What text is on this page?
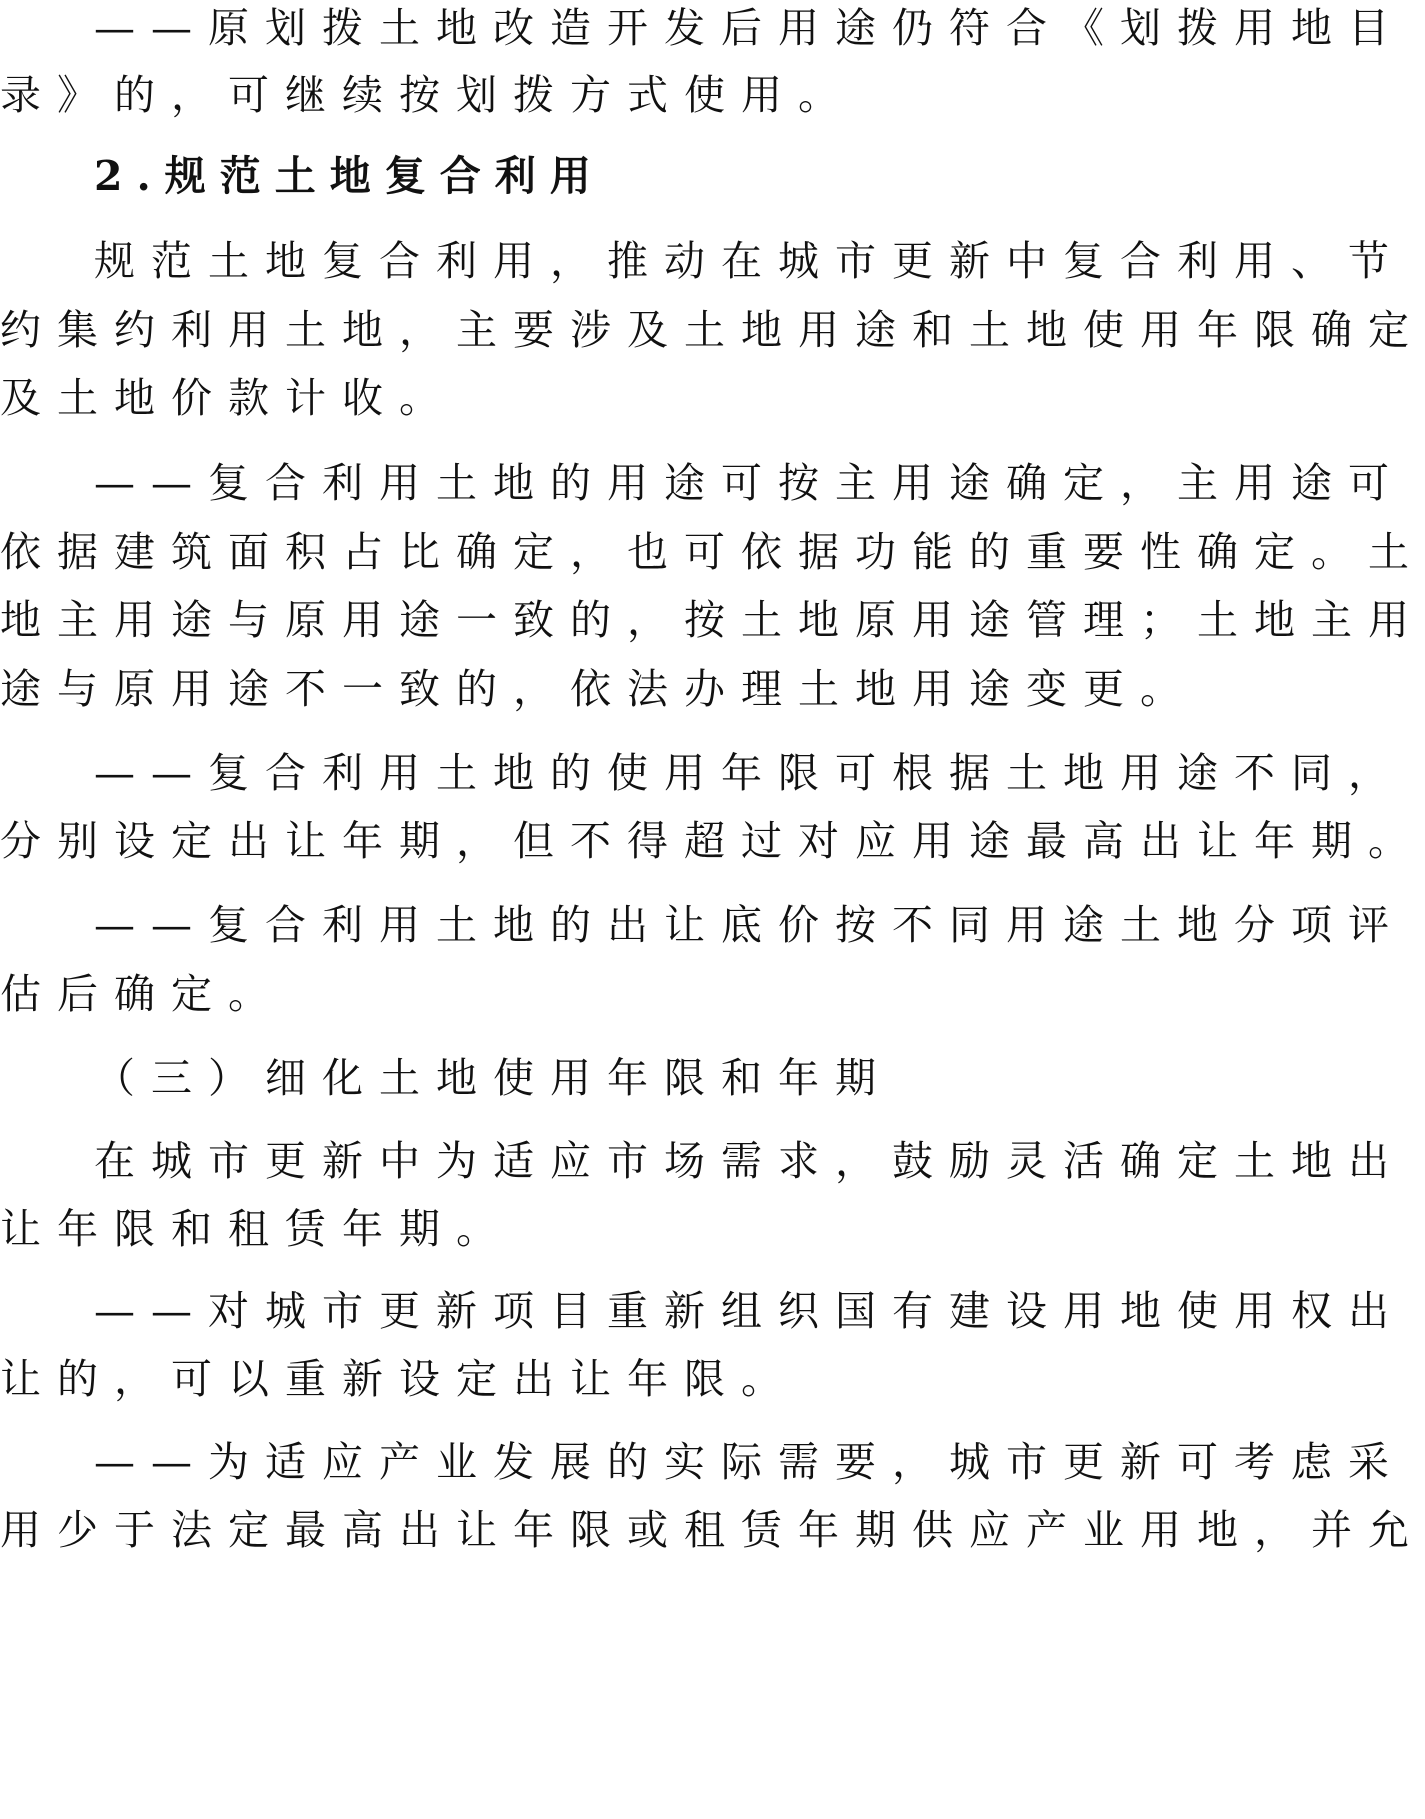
——原划拨土地改造开发后用途仍符合《划拨用地目
录》的，可继续按划拨方式使用。
2.规范土地复合利用
规范土地复合利用，推动在城市更新中复合利用、节
约集约利用土地，主要涉及土地用途和土地使用年限确定
及土地价款计收。
——复合利用土地的用途可按主用途确定，主用途可
依据建筑面积占比确定，也可依据功能的重要性确定。土
地主用途与原用途一致的，按土地原用途管理；土地主用
途与原用途不一致的，依法办理土地用途变更。
——复合利用土地的使用年限可根据土地用途不同，
分别设定出让年期，但不得超过对应用途最高出让年期。
——复合利用土地的出让底价按不同用途土地分项评
估后确定。
（三）细化土地使用年限和年期
在城市更新中为适应市场需求，鼓励灵活确定土地出
让年限和租赁年期。
——对城市更新项目重新组织国有建设用地使用权出
让的，可以重新设定出让年限。
——为适应产业发展的实际需要，城市更新可考虑采
用少于法定最高出让年限或租赁年期供应产业用地，并允
